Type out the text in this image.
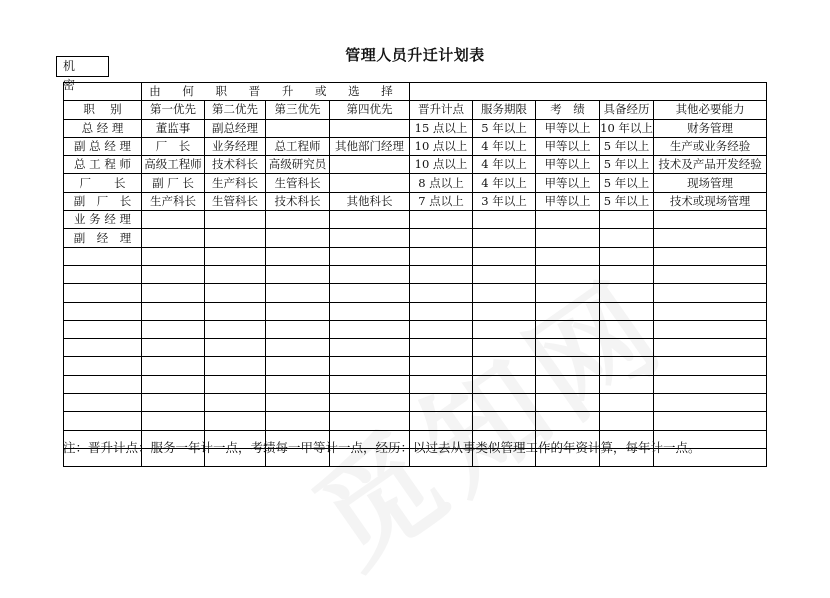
管理人员升迁计划表
机 密
		由 何 职 晋 升 或 选 择								
职　 别	第一优先	第二优先	第三优先	第四优先	晋升计点	服务期限	考　绩	具备经历	其他必要能力
总 经 理	董监事	副总经理			15 点以上	5 年以上	甲等以上	10 年以上	财务管理
副 总 经 理	厂　长	业务经理	总工程师	其他部门经理	10 点以上	4 年以上	甲等以上	5 年以上	生产或业务经验
总 工 程 师	高级工程师	技术科长	高级研究员		10 点以上	4 年以上	甲等以上	5 年以上	技术及产品开发经验
厂　　长	副 厂 长	生产科长	生管科长		8 点以上	4 年以上	甲等以上	5 年以上	现场管理
副　厂　长	生产科长	生管科长	技术科长	其他科长	7 点以上	3 年以上	甲等以上	5 年以上	技术或现场管理
业 务 经 理									
副　经　理									

注：晋升计点：服务一年计一点，考绩每一甲等计一点，经历：以过去从事类似管理工作的年资计算，每年计一点。
